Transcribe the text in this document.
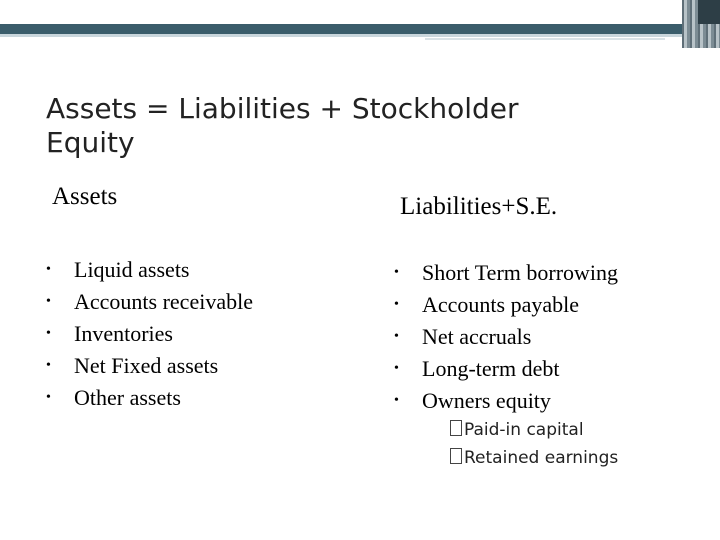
Assets = Liabilities + Stockholder Equity
Assets	Liabilities+S.E.
• Liquid assets
• Accounts receivable
• Inventories
• Net Fixed assets
• Other assets
• Short Term borrowing
• Accounts payable
• Net accruals
• Long-term debt
• Owners equity
Paid-in capital
Retained earnings
